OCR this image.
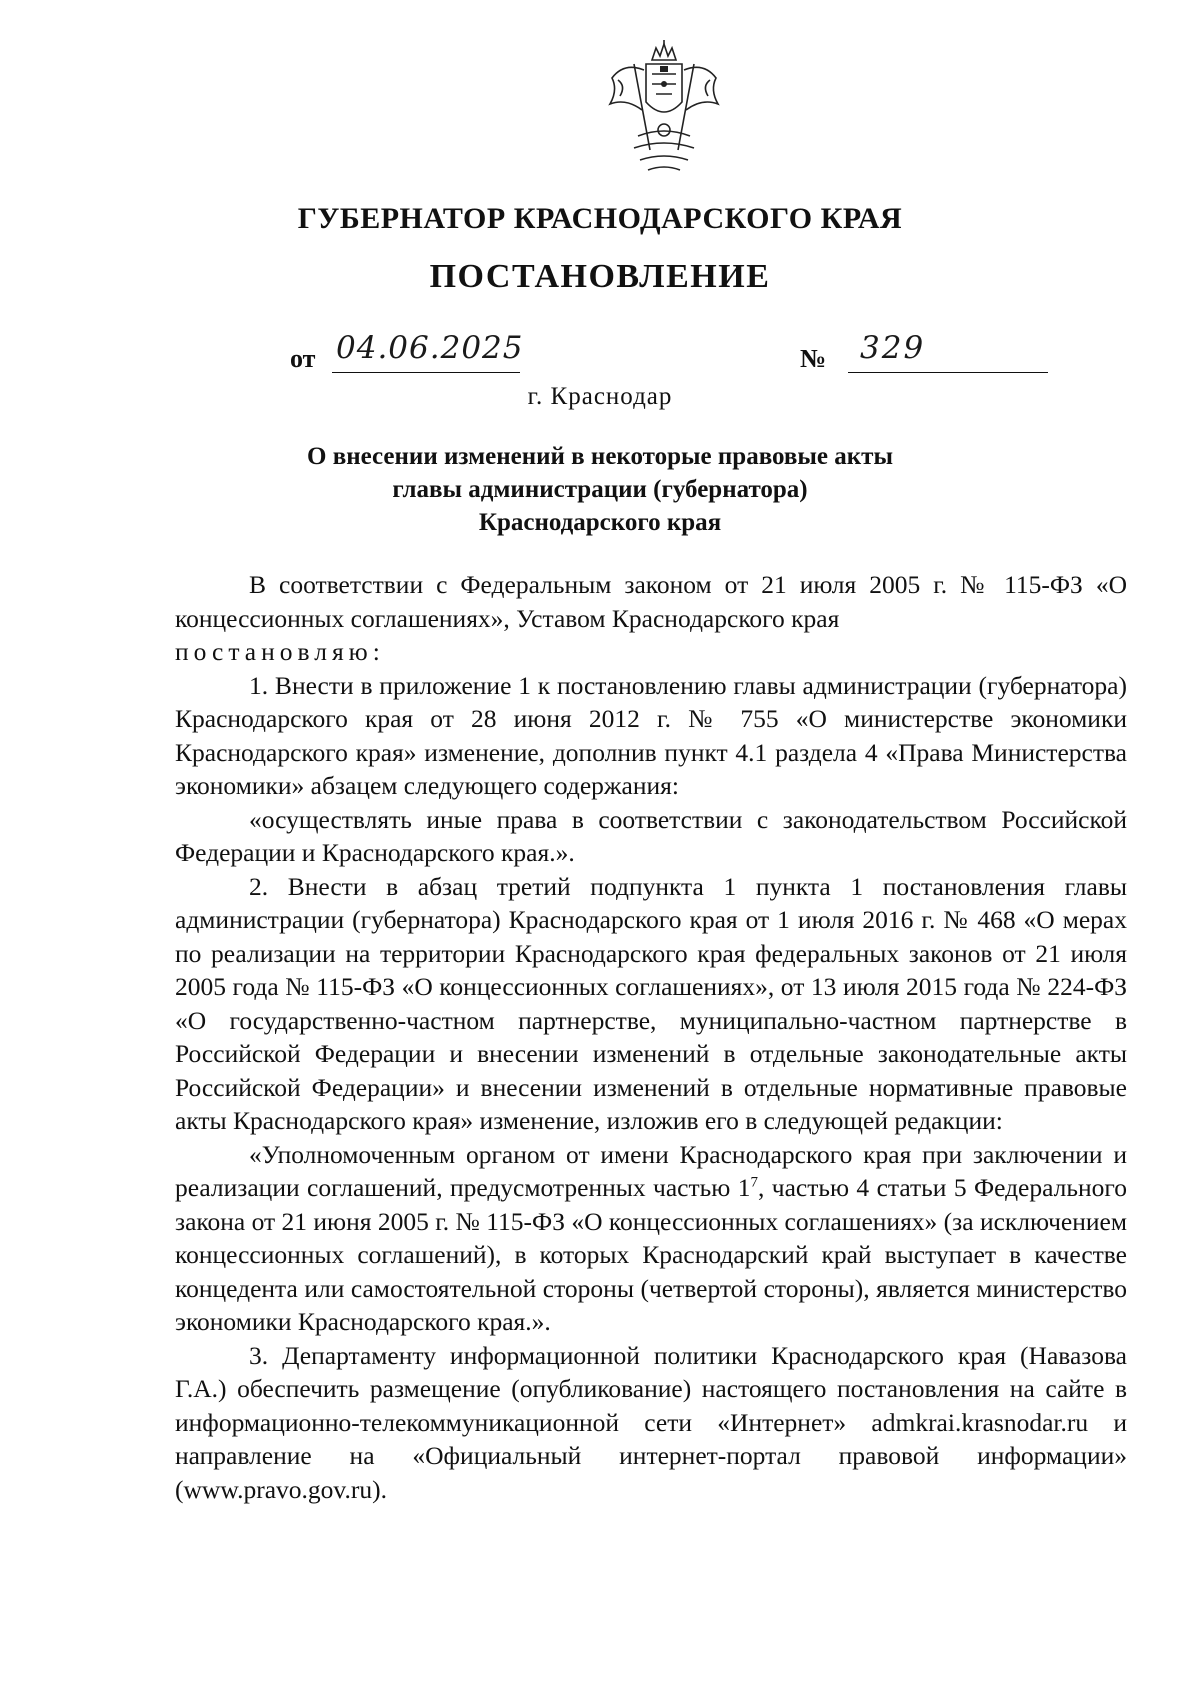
ГУБЕРНАТОР КРАСНОДАРСКОГО КРАЯ
ПОСТАНОВЛЕНИЕ
от 04.06.2025	№ 329
г. Краснодар
О внесении изменений в некоторые правовые акты
главы администрации (губернатора)
Краснодарского края

В соответствии с Федеральным законом от 21 июля 2005 г. № 115-ФЗ «О концессионных соглашениях», Уставом Краснодарского края

постановляю:

1. Внести в приложение 1 к постановлению главы администрации (губернатора) Краснодарского края от 28 июня 2012 г. № 755 «О министерстве экономики Краснодарского края» изменение, дополнив пункт 4.1 раздела 4 «Права Министерства экономики» абзацем следующего содержания:

«осуществлять иные права в соответствии с законодательством Российской Федерации и Краснодарского края.».

2. Внести в абзац третий подпункта 1 пункта 1 постановления главы администрации (губернатора) Краснодарского края от 1 июля 2016 г. № 468 «О мерах по реализации на территории Краснодарского края федеральных законов от 21 июля 2005 года № 115-ФЗ «О концессионных соглашениях», от 13 июля 2015 года № 224-ФЗ «О государственно-частном партнерстве, муниципально-частном партнерстве в Российской Федерации и внесении изменений в отдельные законодательные акты Российской Федерации» и внесении изменений в отдельные нормативные правовые акты Краснодарского края» изменение, изложив его в следующей редакции:

«Уполномоченным органом от имени Краснодарского края при заключении и реализации соглашений, предусмотренных частью $1^7$, частью 4 статьи 5 Федерального закона от 21 июня 2005 г. № 115-ФЗ «О концессионных соглашениях» (за исключением концессионных соглашений), в которых Краснодарский край выступает в качестве концедента или самостоятельной стороны (четвертой стороны), является министерство экономики Краснодарского края.».

3. Департаменту информационной политики Краснодарского края (Навазова Г.А.) обеспечить размещение (опубликование) настоящего постановления на сайте в информационно-телекоммуникационной сети «Интернет» admkrai.krasnodar.ru и направление на «Официальный интернет-портал правовой информации» (www.pravo.gov.ru).
